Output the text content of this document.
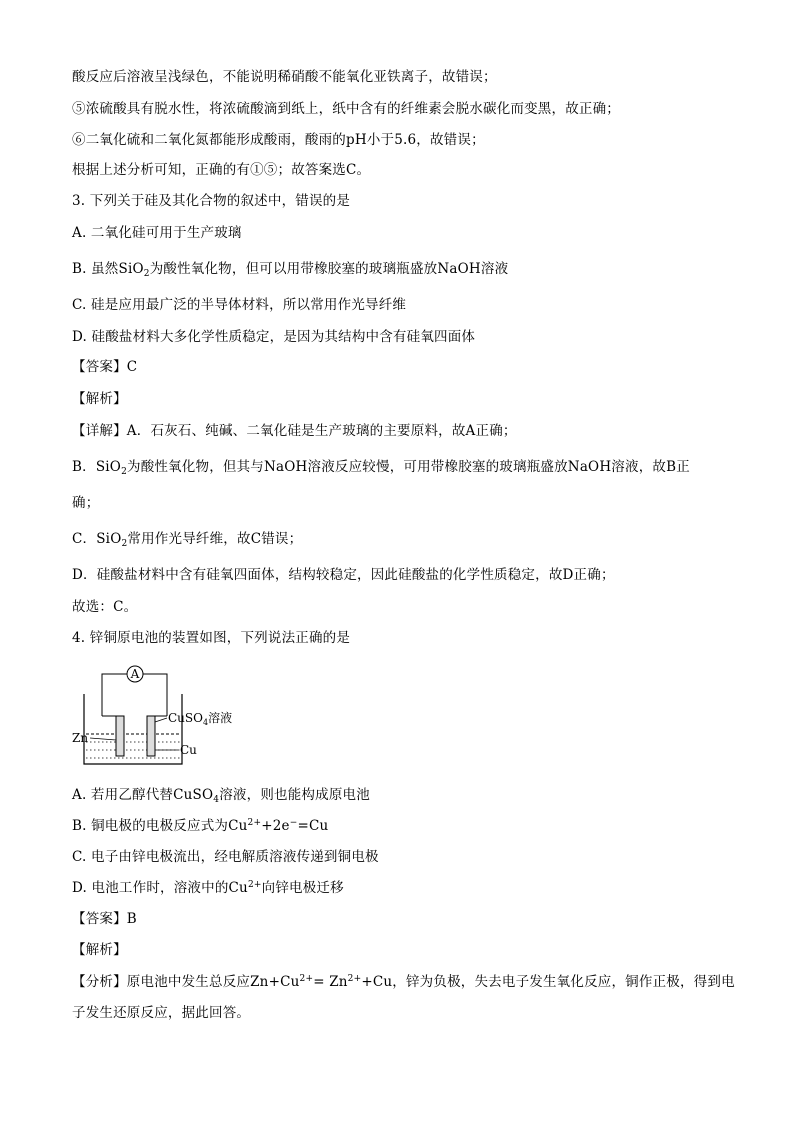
酸反应后溶液呈浅绿色，不能说明稀硝酸不能氧化亚铁离子，故错误；
⑤浓硫酸具有脱水性，将浓硫酸滴到纸上，纸中含有的纤维素会脱水碳化而变黑，故正确；
⑥二氧化硫和二氧化氮都能形成酸雨，酸雨的pH小于5.6，故错误；
根据上述分析可知，正确的有①⑤；故答案选C。
3. 下列关于硅及其化合物的叙述中，错误的是
A. 二氧化硅可用于生产玻璃
B. 虽然SiO$_2$为酸性氧化物，但可以用带橡胶塞的玻璃瓶盛放NaOH溶液
C. 硅是应用最广泛的半导体材料，所以常用作光导纤维
D. 硅酸盐材料大多化学性质稳定，是因为其结构中含有硅氧四面体
【答案】C
【解析】
【详解】A．石灰石、纯碱、二氧化硅是生产玻璃的主要原料，故A正确；
B．SiO$_2$为酸性氧化物，但其与NaOH溶液反应较慢，可用带橡胶塞的玻璃瓶盛放NaOH溶液，故B正
确；
C．SiO$_2$常用作光导纤维，故C错误；
D．硅酸盐材料中含有硅氧四面体，结构较稳定，因此硅酸盐的化学性质稳定，故D正确；
故选：C。
4. 锌铜原电池的装置如图，下列说法正确的是
A
CuSO$_4$溶液
Zn
Cu
A. 若用乙醇代替CuSO$_4$溶液，则也能构成原电池
B. 铜电极的电极反应式为$Cu^{2+}+2e^-=Cu$
C. 电子由锌电极流出，经电解质溶液传递到铜电极
D. 电池工作时，溶液中的$Cu^{2+}$向锌电极迁移
【答案】B
【解析】
【分析】原电池中发生总反应$Zn+Cu^{2+}= Zn^{2+}+Cu$，锌为负极，失去电子发生氧化反应，铜作正极，得到电
子发生还原反应，据此回答。
